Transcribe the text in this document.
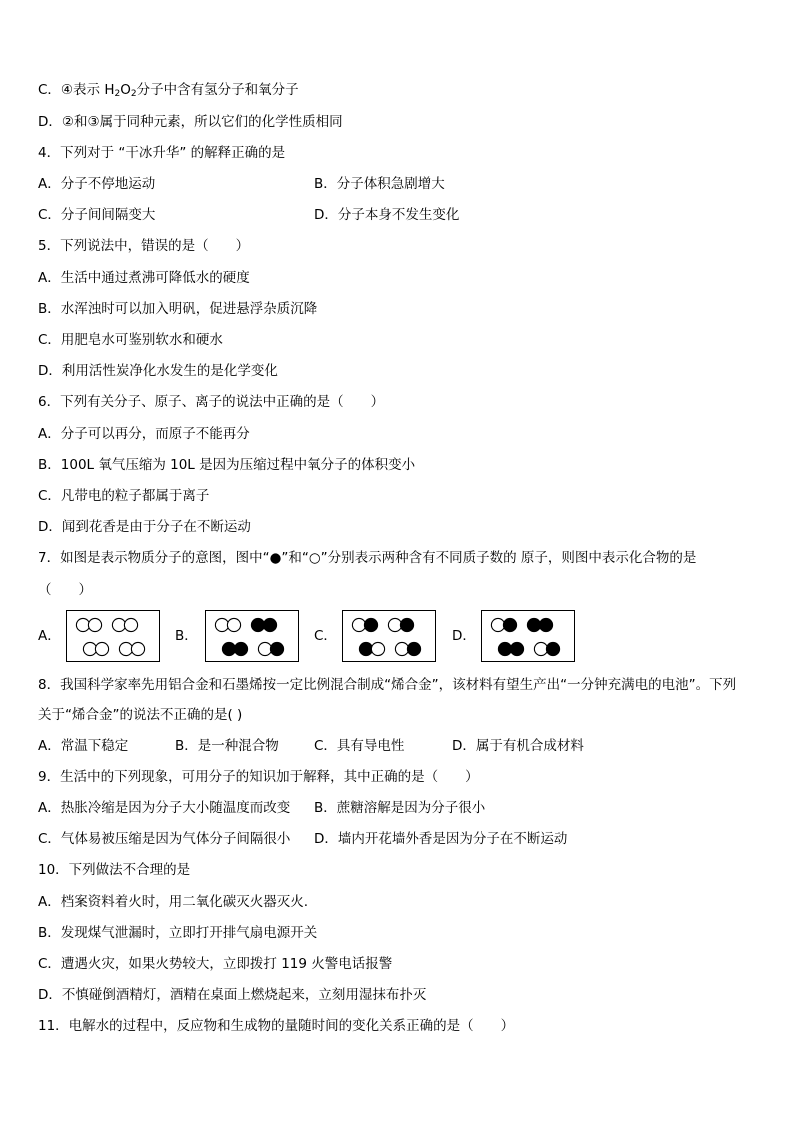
C．④表示 $H_2O_2$分子中含有氢分子和氧分子
D．②和③属于同种元素，所以它们的化学性质相同
4．下列对于 “干冰升华” 的解释正确的是
A．分子不停地运动	B．分子体积急剧增大
C．分子间间隔变大	D．分子本身不发生变化
5．下列说法中，错误的是（　　）
A．生活中通过煮沸可降低水的硬度
B．水浑浊时可以加入明矾，促进悬浮杂质沉降
C．用肥皂水可鉴别软水和硬水
D．利用活性炭净化水发生的是化学变化
6．下列有关分子、原子、离子的说法中正确的是（　　）
A．分子可以再分，而原子不能再分
B．100L 氧气压缩为 10L 是因为压缩过程中氧分子的体积变小
C．凡带电的粒子都属于离子
D．闻到花香是由于分子在不断运动
7．如图是表示物质分子的意图，图中“●”和“○”分别表示两种含有不同质子数的 原子，则图中表示化合物的是
（　　）
A．	B．	C．	D．
8．我国科学家率先用铝合金和石墨烯按一定比例混合制成“烯合金”，该材料有望生产出“一分钟充满电的电池”。下列
关于“烯合金”的说法不正确的是( )
A．常温下稳定	B．是一种混合物	C．具有导电性	D．属于有机合成材料
9．生活中的下列现象，可用分子的知识加于解释，其中正确的是（　　）
A．热胀冷缩是因为分子大小随温度而改变 B．蔗糖溶解是因为分子很小
C．气体易被压缩是因为气体分子间隔很小 D．墙内开花墙外香是因为分子在不断运动
10．下列做法不合理的是
A．档案资料着火时，用二氧化碳灭火器灭火.
B．发现煤气泄漏时，立即打开排气扇电源开关
C．遭遇火灾，如果火势较大，立即拨打 119 火警电话报警
D．不慎碰倒酒精灯，酒精在桌面上燃烧起来，立刻用湿抹布扑灭
11．电解水的过程中，反应物和生成物的量随时间的变化关系正确的是（　　）
